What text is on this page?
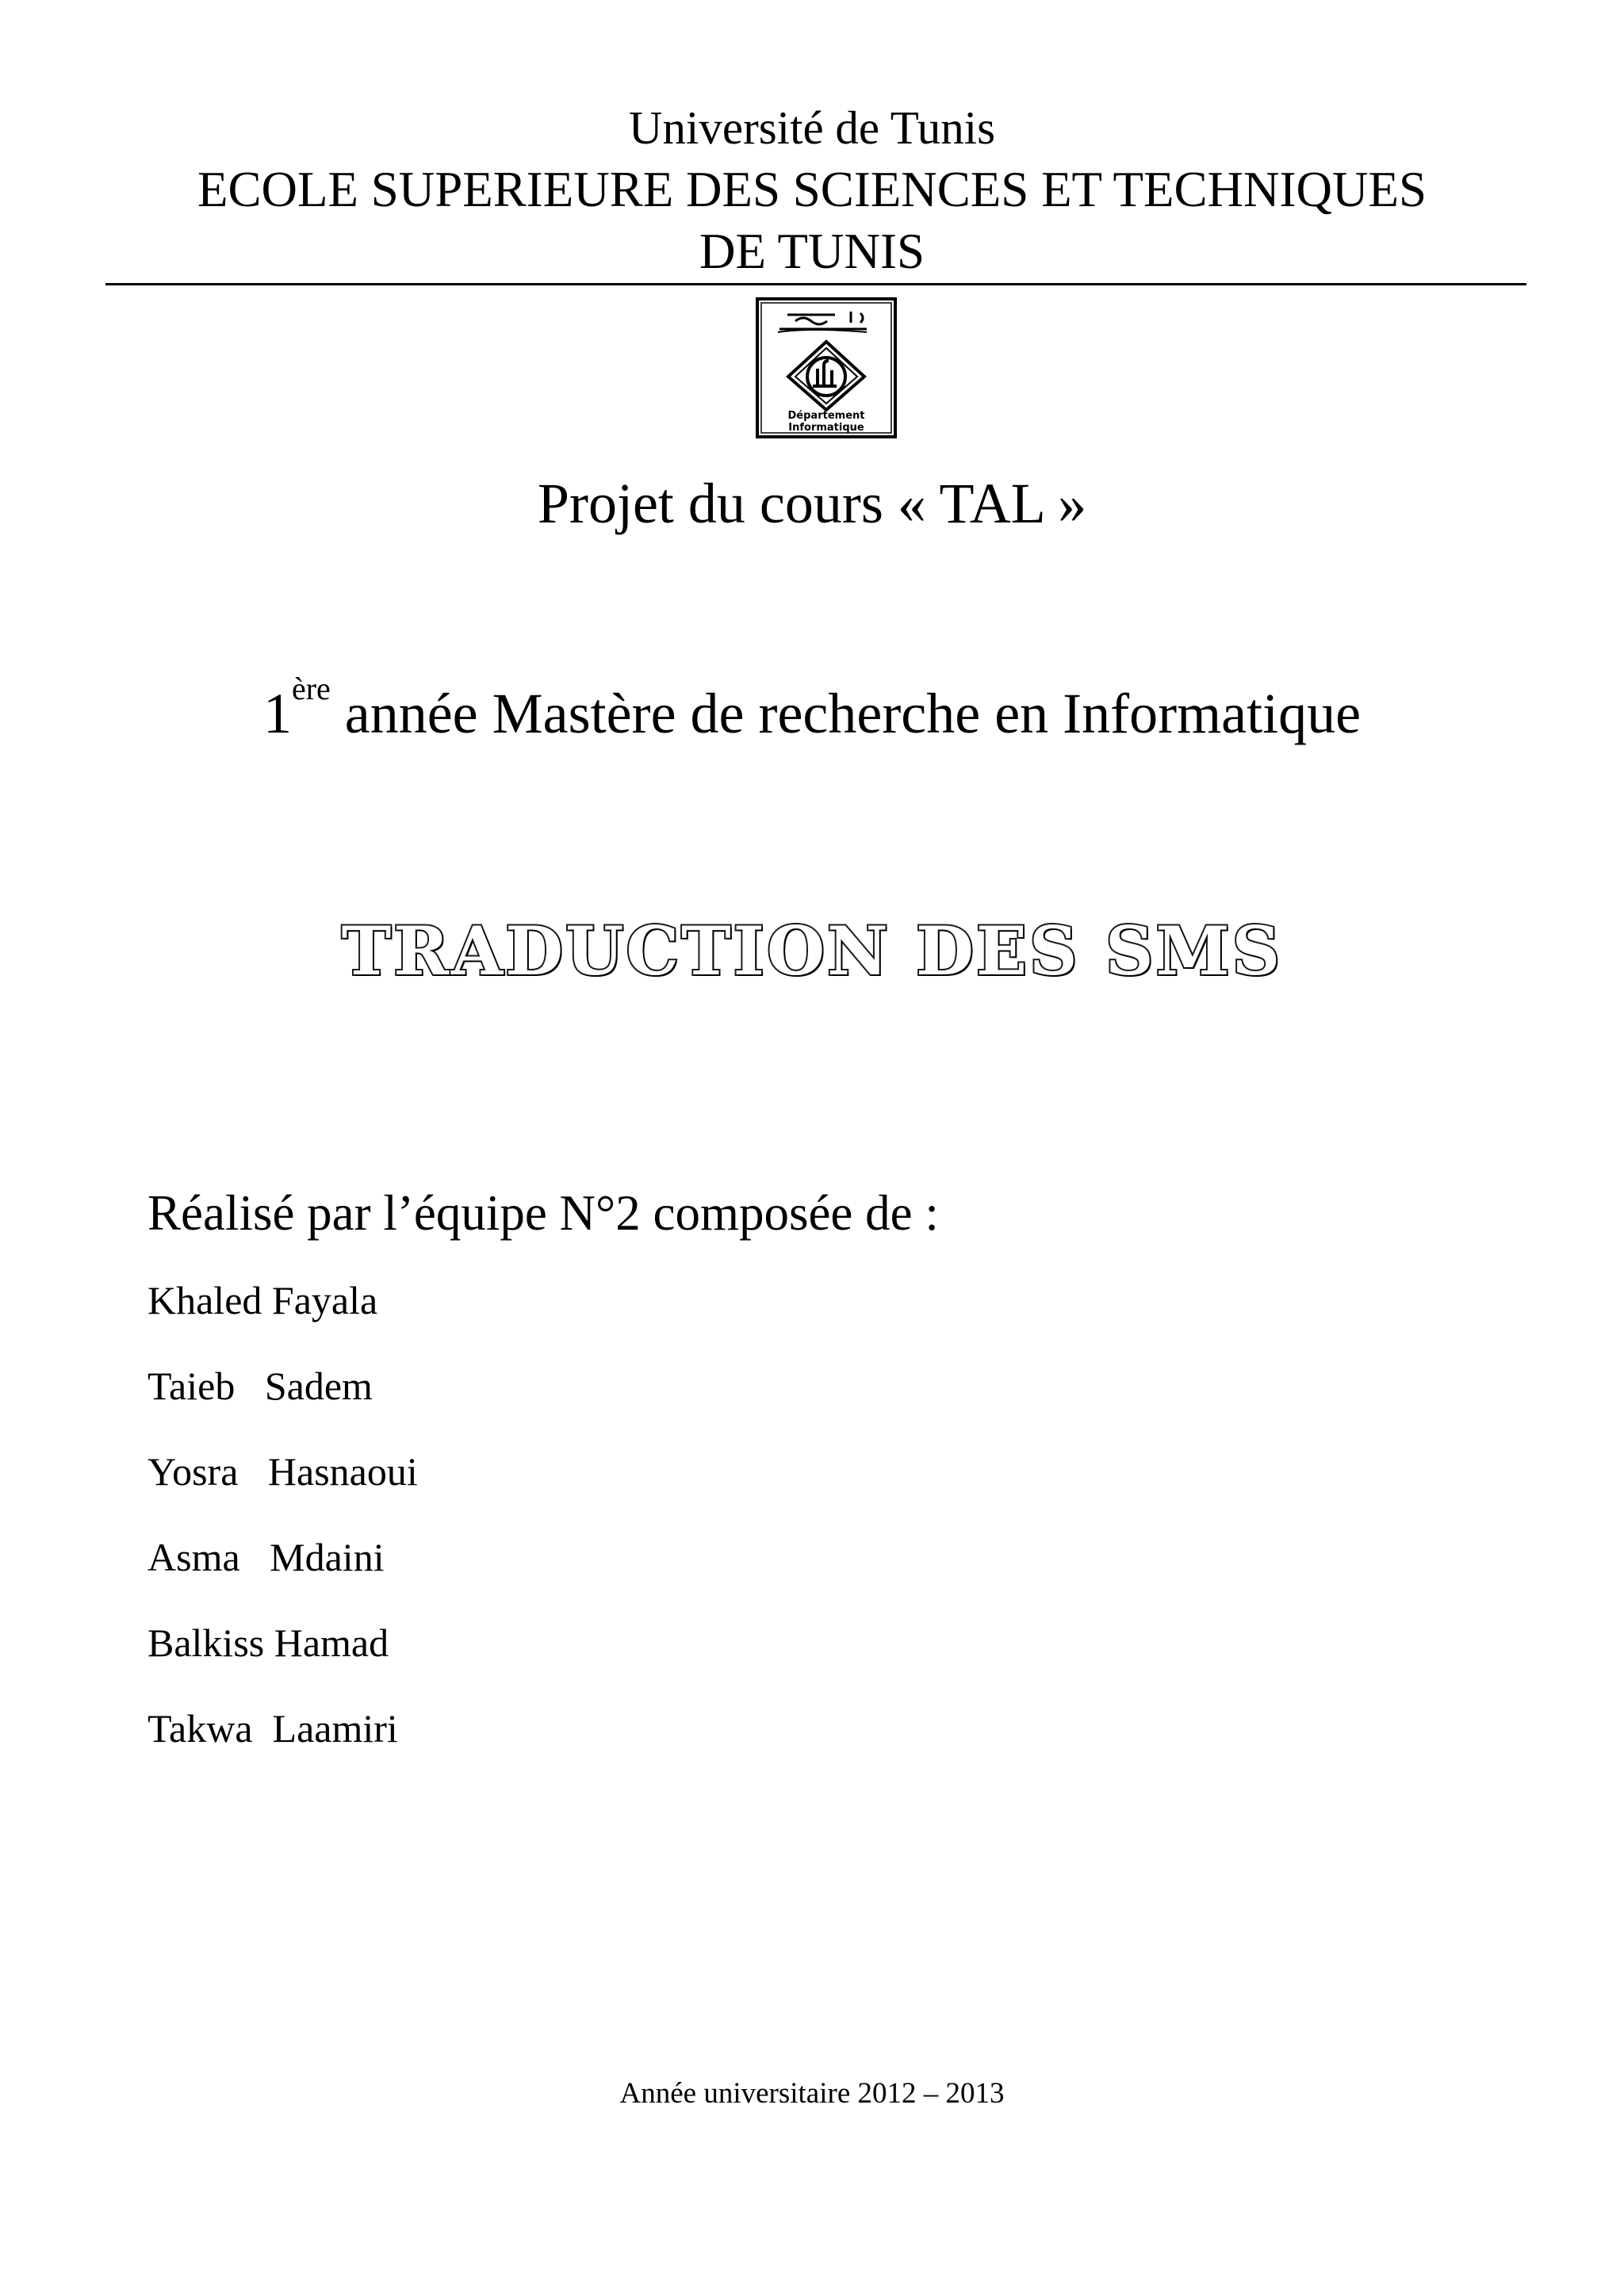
Université de Tunis
ECOLE SUPERIEURE DES SCIENCES ET TECHNIQUES
DE TUNIS
Département
Informatique
Projet du cours « TAL »
1ère année Mastère de recherche en Informatique
TRADUCTION DES SMS
Réalisé par l’équipe N°2 composée de :
Khaled Fayala
Taieb   Sadem
Yosra   Hasnaoui
Asma   Mdaini
Balkiss Hamad
Takwa  Laamiri
Année universitaire 2012 – 2013
